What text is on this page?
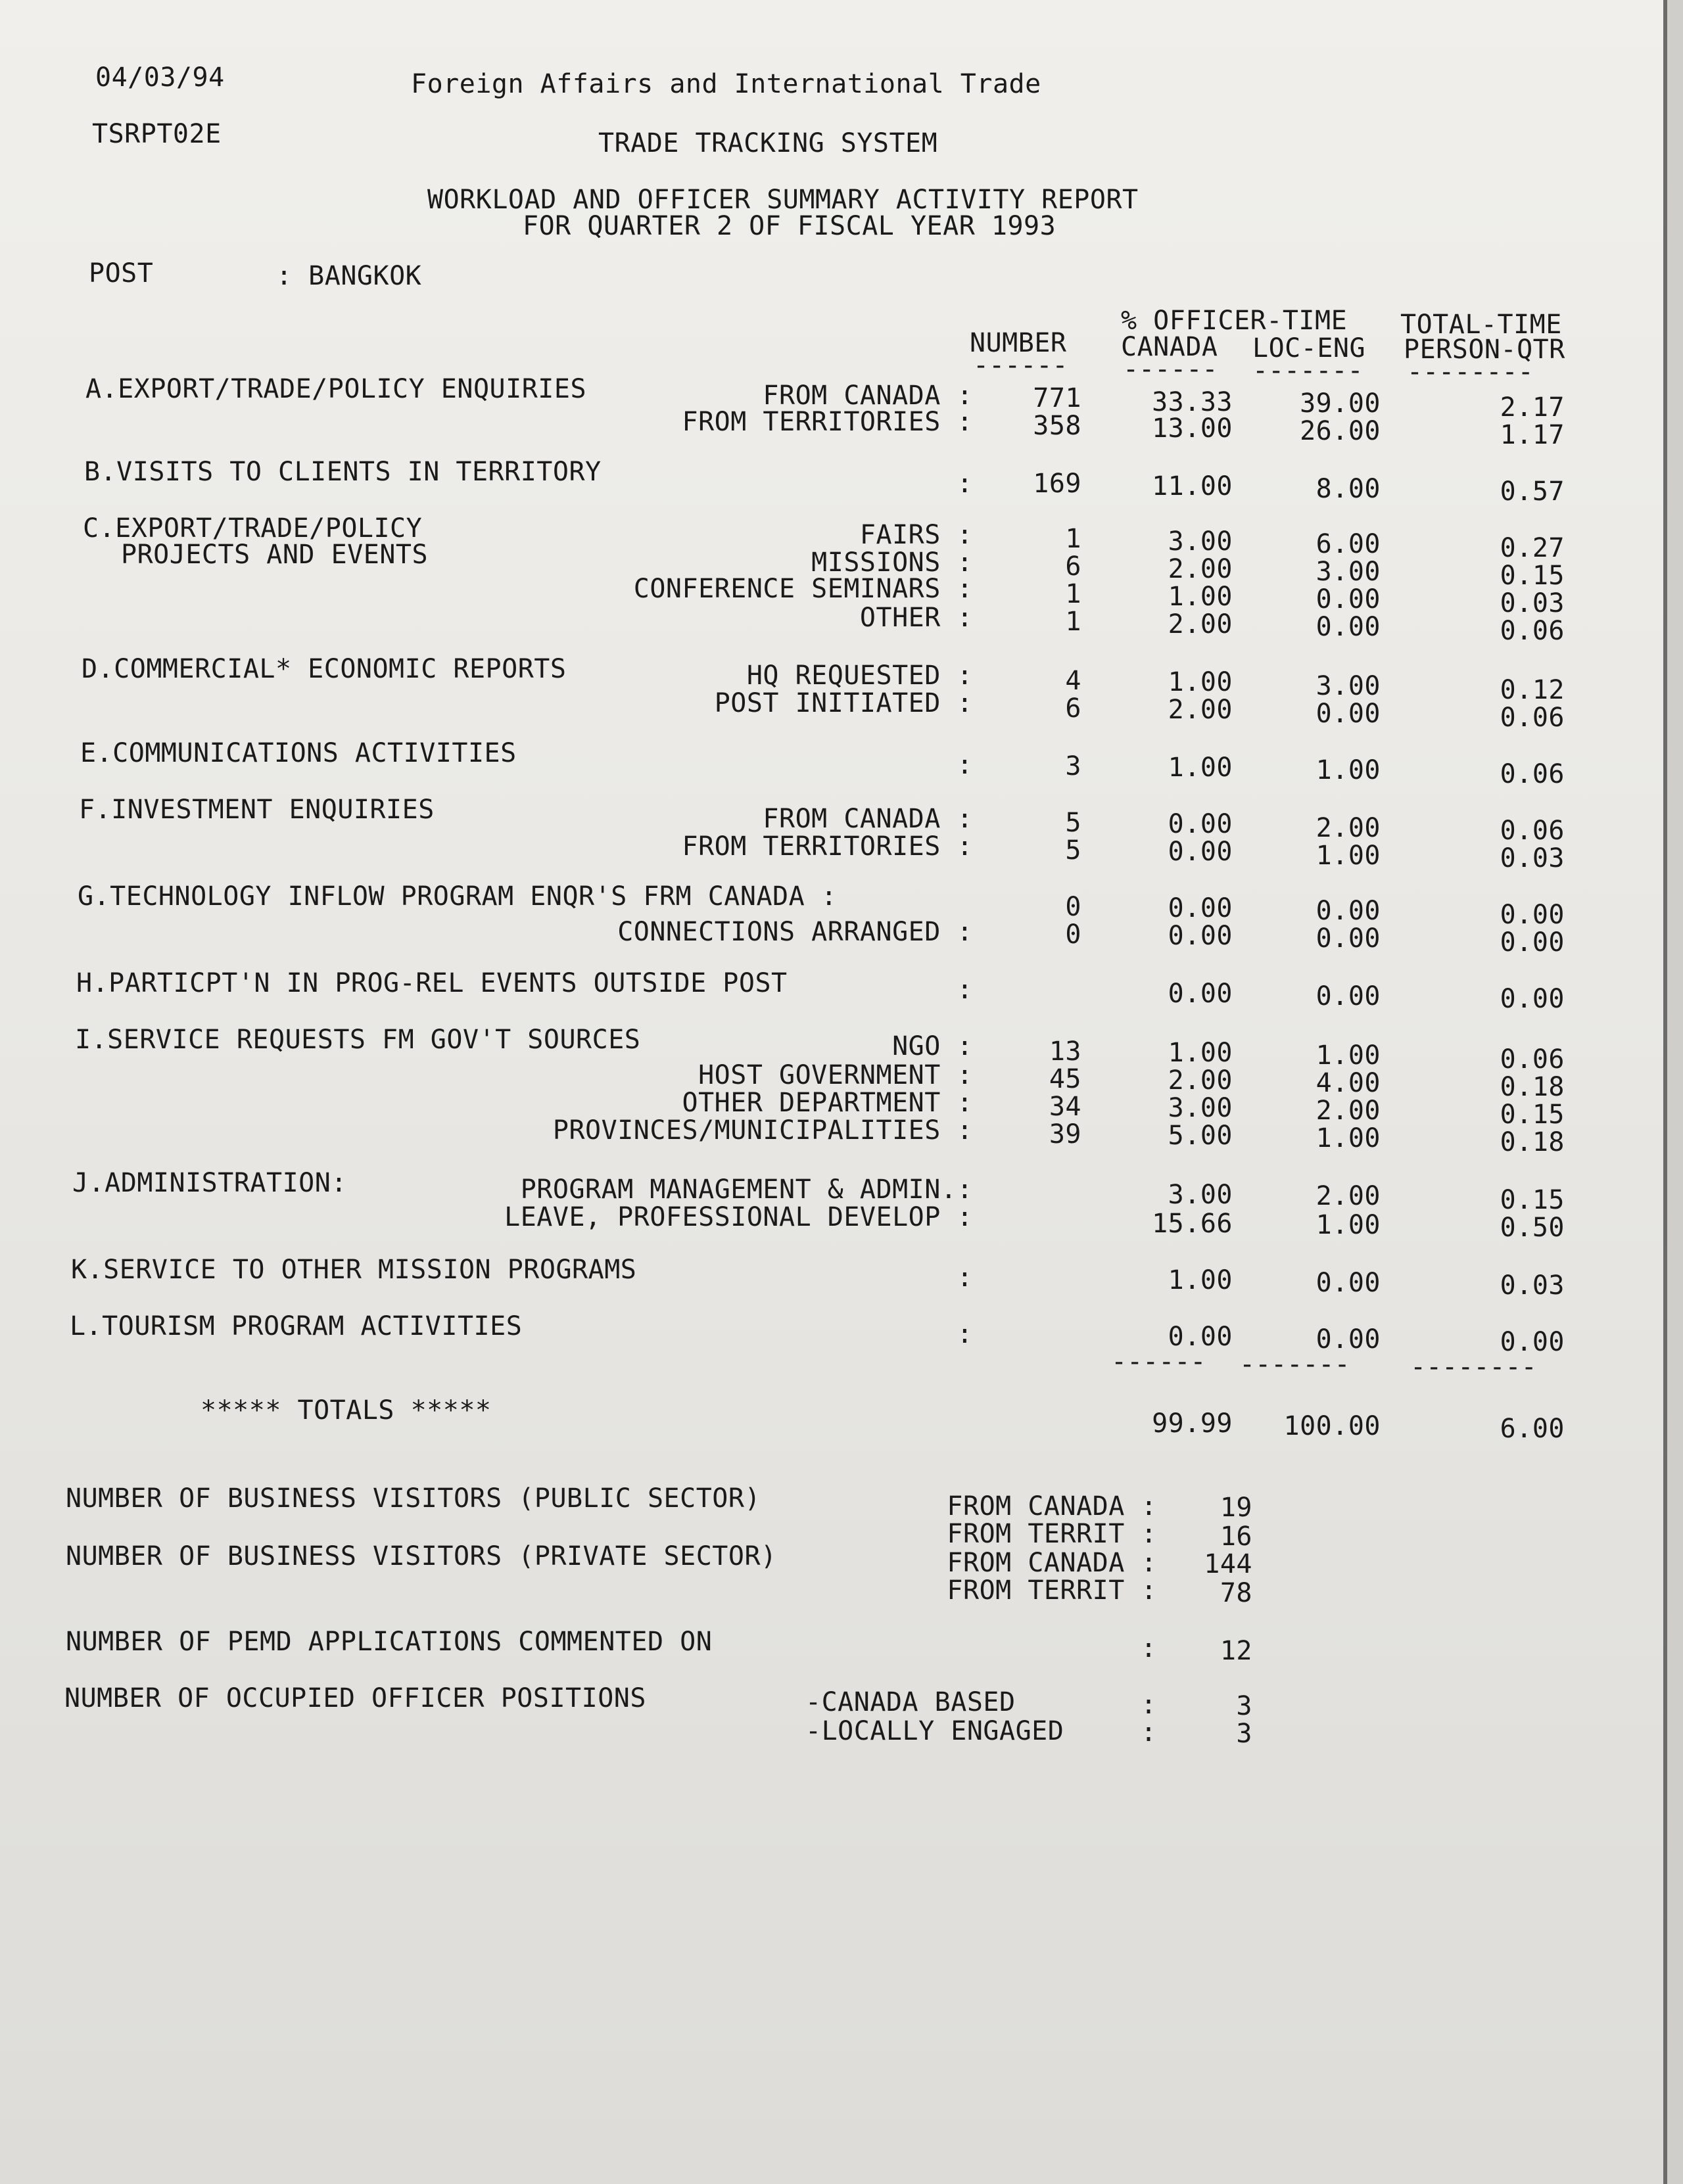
04/03/94	Foreign Affairs and International Trade
TSRPT02E	TRADE TRACKING SYSTEM
WORKLOAD AND OFFICER SUMMARY ACTIVITY REPORT
FOR QUARTER 2 OF FISCAL YEAR 1993
POST	: BANGKOK
% OFFICER-TIME TOTAL-TIME
NUMBER CANADA LOC-ENG PERSON-QTR
------ ------ ------- --------
A.EXPORT/TRADE/POLICY ENQUIRIES	FROM CANADA : 771	33.33	39.00	2.17
FROM TERRITORIES : 358	13.00	26.00	1.17
B.VISITS TO CLIENTS IN TERRITORY	: 169	11.00	8.00	0.57
C.EXPORT/TRADE/POLICY	FAIRS :	1	3.00	6.00	0.27
PROJECTS AND EVENTS	MISSIONS :	6	2.00	3.00	0.15
CONFERENCE SEMINARS :	1	1.00	0.00	0.03
OTHER :	1	2.00	0.00	0.06
D.COMMERCIAL* ECONOMIC REPORTS	HQ REQUESTED :	4	1.00	3.00	0.12
POST INITIATED :	6	2.00	0.00	0.06
E.COMMUNICATIONS ACTIVITIES	:	3	1.00	1.00	0.06
F.INVESTMENT ENQUIRIES	FROM CANADA :	5	0.00	2.00	0.06
FROM TERRITORIES :	5	0.00	1.00	0.03
G.TECHNOLOGY INFLOW PROGRAM ENQR'S FRM CANADA :	0	0.00	0.00	0.00
CONNECTIONS ARRANGED :	0	0.00	0.00	0.00
H.PARTICPT'N IN PROG-REL EVENTS OUTSIDE POST	:	0.00	0.00	0.00
I.SERVICE REQUESTS FM GOV'T SOURCES	NGO :	13	1.00	1.00	0.06
HOST GOVERNMENT :	45	2.00	4.00	0.18
OTHER DEPARTMENT :	34	3.00	2.00	0.15
PROVINCES/MUNICIPALITIES :	39	5.00	1.00	0.18
J.ADMINISTRATION:	PROGRAM MANAGEMENT & ADMIN.:	3.00	2.00	0.15
LEAVE, PROFESSIONAL DEVELOP :	15.66	1.00	0.50
K.SERVICE TO OTHER MISSION PROGRAMS	:	1.00	0.00	0.03
L.TOURISM PROGRAM ACTIVITIES	:	0.00	0.00	0.00
------ ------- --------
***** TOTALS *****	99.99 100.00	6.00
NUMBER OF BUSINESS VISITORS (PUBLIC SECTOR)	FROM CANADA : 19
FROM TERRIT : 16
NUMBER OF BUSINESS VISITORS (PRIVATE SECTOR)	FROM CANADA : 144
FROM TERRIT : 78
NUMBER OF PEMD APPLICATIONS COMMENTED ON	: 12
NUMBER OF OCCUPIED OFFICER POSITIONS	-CANADA BASED	:	3
-LOCALLY ENGAGED	:	3
